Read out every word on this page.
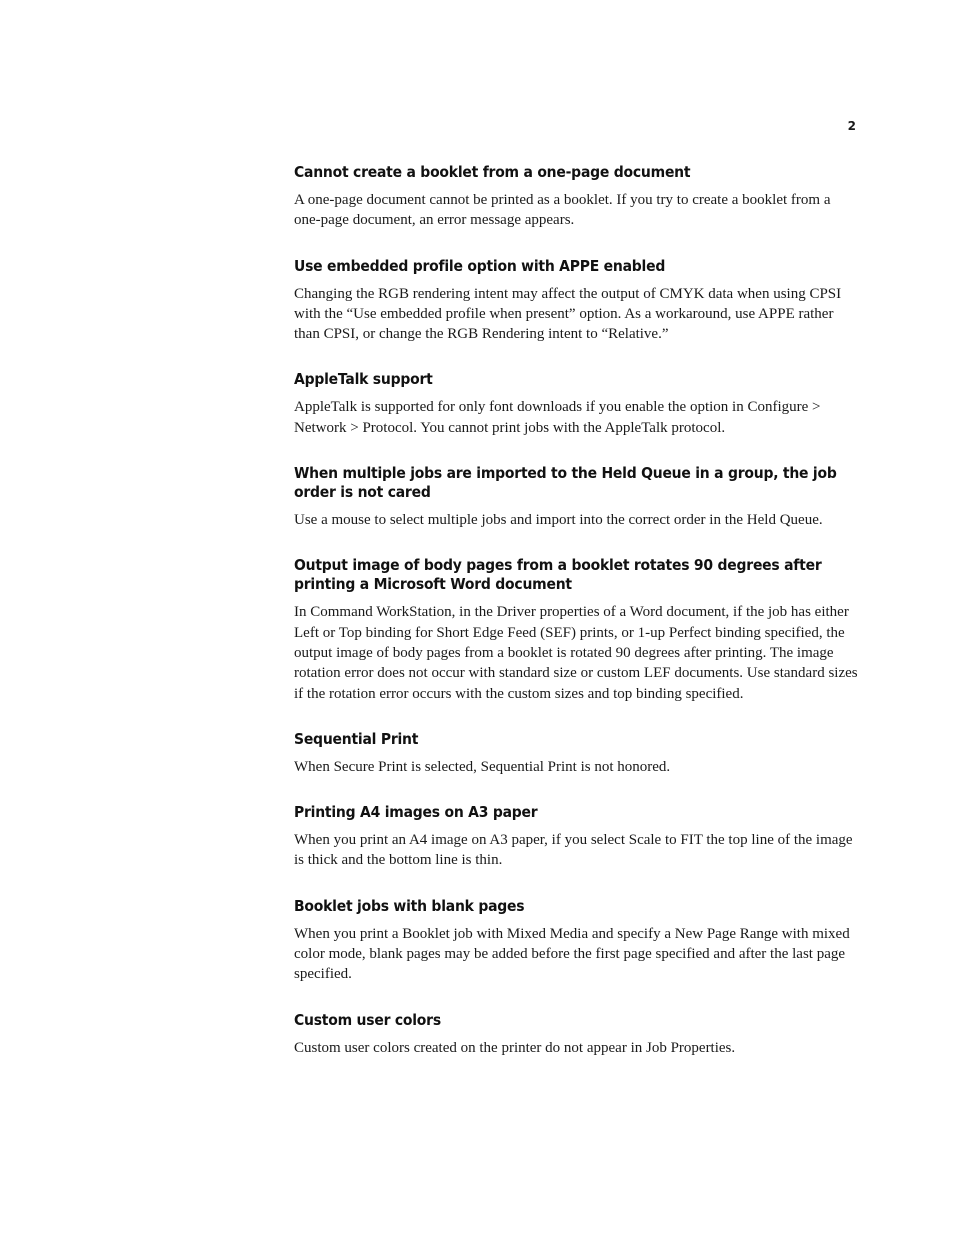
2
Cannot create a booklet from a one-page document

A one-page document cannot be printed as a booklet. If you try to create a booklet from a one-page document, an error message appears.

Use embedded profile option with APPE enabled

Changing the RGB rendering intent may affect the output of CMYK data when using CPSI with the “Use embedded profile when present” option. As a workaround, use APPE rather than CPSI, or change the RGB Rendering intent to “Relative.”

AppleTalk support

AppleTalk is supported for only font downloads if you enable the option in Configure > Network > Protocol. You cannot print jobs with the AppleTalk protocol.

When multiple jobs are imported to the Held Queue in a group, the job order is not cared

Use a mouse to select multiple jobs and import into the correct order in the Held Queue.

Output image of body pages from a booklet rotates 90 degrees after printing a Microsoft Word document

In Command WorkStation, in the Driver properties of a Word document, if the job has either Left or Top binding for Short Edge Feed (SEF) prints, or 1-up Perfect binding specified, the output image of body pages from a booklet is rotated 90 degrees after printing. The image rotation error does not occur with standard size or custom LEF documents. Use standard sizes if the rotation error occurs with the custom sizes and top binding specified.

Sequential Print

When Secure Print is selected, Sequential Print is not honored.

Printing A4 images on A3 paper

When you print an A4 image on A3 paper, if you select Scale to FIT the top line of the image is thick and the bottom line is thin.

Booklet jobs with blank pages

When you print a Booklet job with Mixed Media and specify a New Page Range with mixed color mode, blank pages may be added before the first page specified and after the last page specified.

Custom user colors

Custom user colors created on the printer do not appear in Job Properties.
